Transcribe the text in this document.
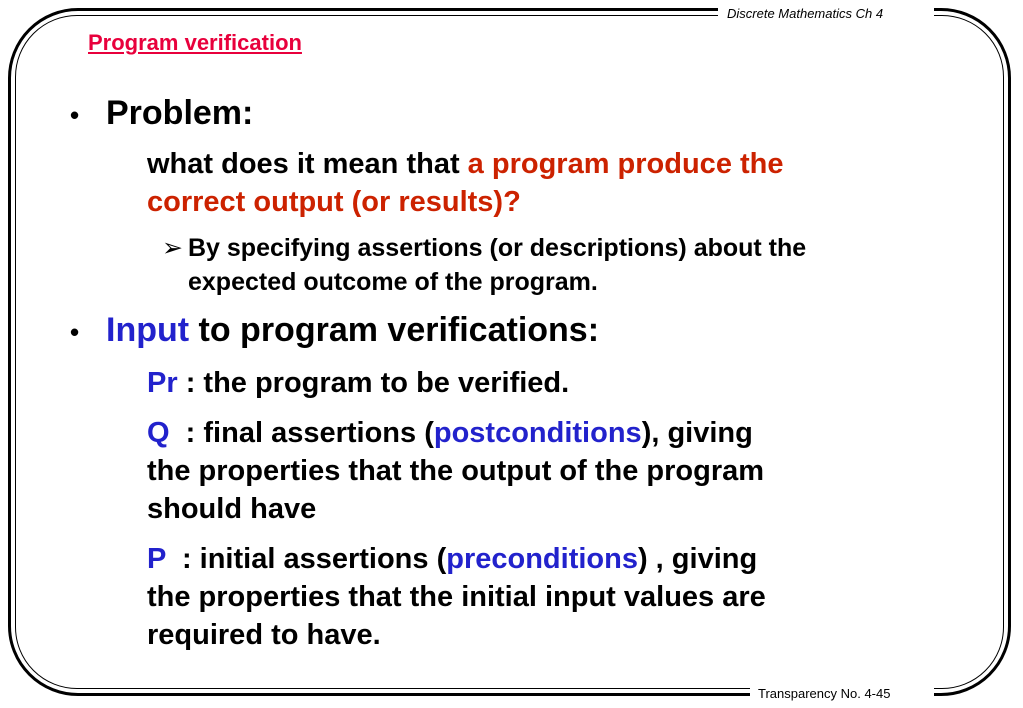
Discrete Mathematics Ch 4
Program verification
Transparency No. 4-45
• Problem:
what does it mean that a program produce the
correct output (or results)?
➢ By specifying assertions (or descriptions) about the
expected outcome of the program.
• Input to program verifications:
Pr : the program to be verified.
Q  : final assertions (postconditions), giving
the properties that the output of the program
should have
P  : initial assertions (preconditions) , giving
the properties that the initial input values are
required to have.
